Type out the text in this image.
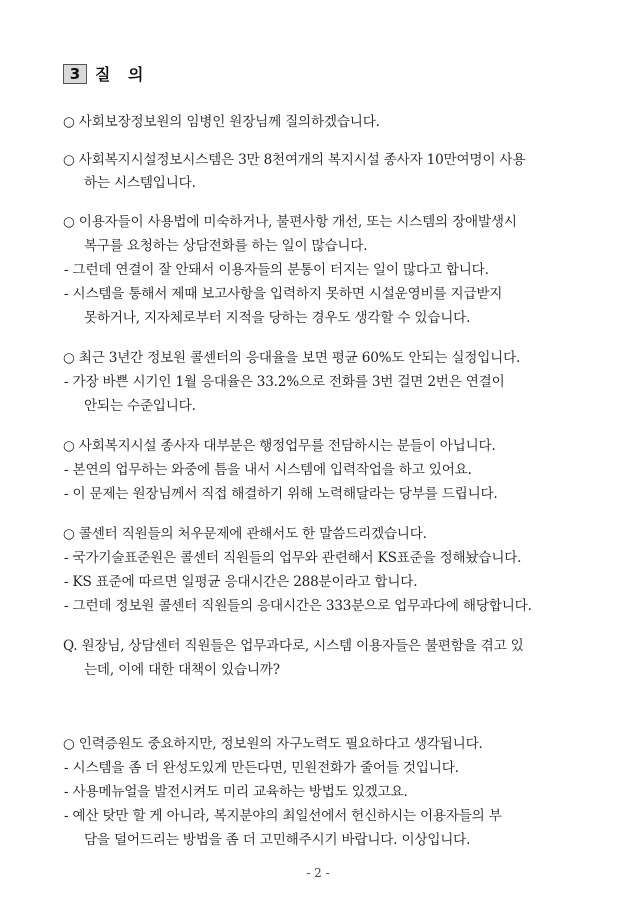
3 질 의
○ 사회보장정보원의 임병인 원장님께 질의하겠습니다.
○ 사회복지시설정보시스템은 3만 8천여개의 복지시설 종사자 10만여명이 사용
하는 시스템입니다.
○ 이용자들이 사용법에 미숙하거나, 불편사항 개선, 또는 시스템의 장애발생시
복구를 요청하는 상담전화를 하는 일이 많습니다.
- 그런데 연결이 잘 안돼서 이용자들의 분통이 터지는 일이 많다고 합니다.
- 시스템을 통해서 제때 보고사항을 입력하지 못하면 시설운영비를 지급받지
못하거나, 지자체로부터 지적을 당하는 경우도 생각할 수 있습니다.
○ 최근 3년간 정보원 콜센터의 응대율을 보면 평균 60%도 안되는 실정입니다.
- 가장 바쁜 시기인 1월 응대율은 33.2%으로 전화를 3번 걸면 2번은 연결이
안되는 수준입니다.
○ 사회복지시설 종사자 대부분은 행정업무를 전담하시는 분들이 아닙니다.
- 본연의 업무하는 와중에 틈을 내서 시스템에 입력작업을 하고 있어요.
- 이 문제는 원장님께서 직접 해결하기 위해 노력해달라는 당부를 드립니다.
○ 콜센터 직원들의 처우문제에 관해서도 한 말씀드리겠습니다.
- 국가기술표준원은 콜센터 직원들의 업무와 관련해서 KS표준을 정해놨습니다.
- KS 표준에 따르면 일평균 응대시간은 288분이라고 합니다.
- 그런데 정보원 콜센터 직원들의 응대시간은 333분으로 업무과다에 해당합니다.
Q. 원장님, 상담센터 직원들은 업무과다로, 시스템 이용자들은 불편함을 겪고 있
는데, 이에 대한 대책이 있습니까?
○ 인력증원도 중요하지만, 정보원의 자구노력도 필요하다고 생각됩니다.
- 시스템을 좀 더 완성도있게 만든다면, 민원전화가 줄어들 것입니다.
- 사용메뉴얼을 발전시켜도 미리 교육하는 방법도 있겠고요.
- 예산 탓만 할 게 아니라, 복지분야의 최일선에서 헌신하시는 이용자들의 부
담을 덜어드리는 방법을 좀 더 고민해주시기 바랍니다. 이상입니다.
- 2 -
